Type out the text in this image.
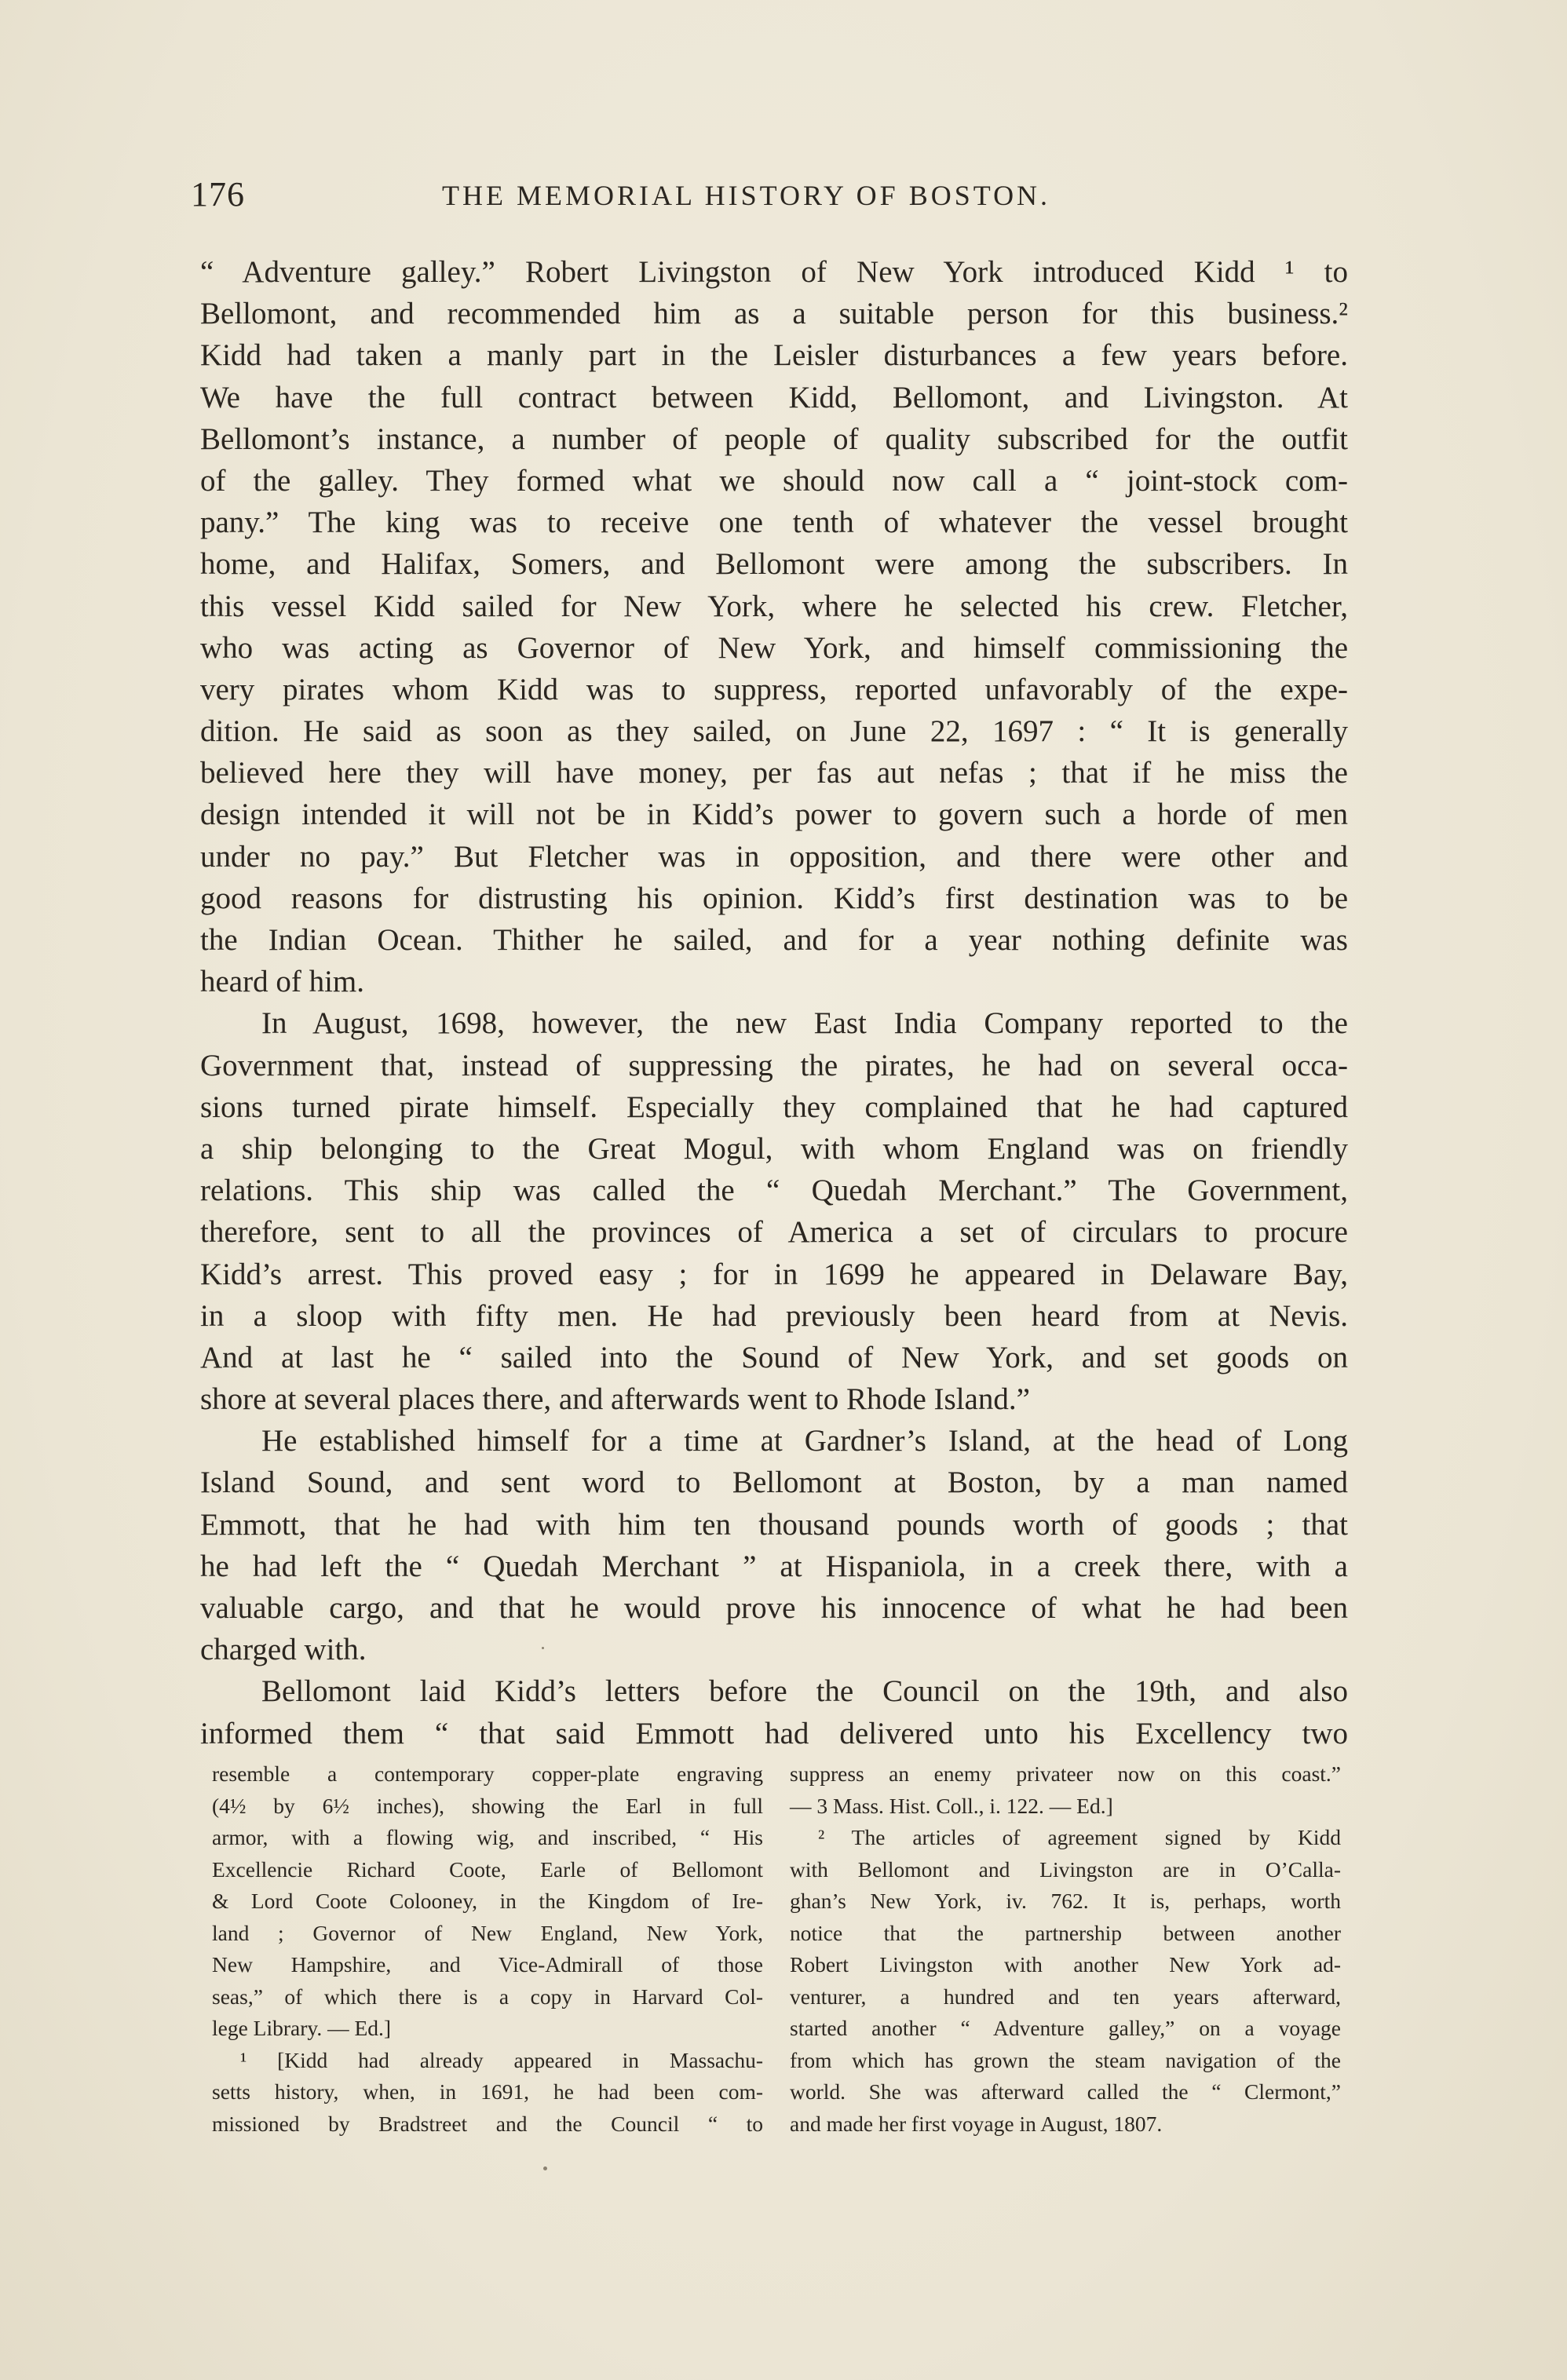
176	THE MEMORIAL HISTORY OF BOSTON.
“ Adventure galley.” Robert Livingston of New York introduced Kidd ¹ to
Bellomont, and recommended him as a suitable person for this business.²
Kidd had taken a manly part in the Leisler disturbances a few years before.
We have the full contract between Kidd, Bellomont, and Livingston. At
Bellomont’s instance, a number of people of quality subscribed for the outfit
of the galley. They formed what we should now call a “ joint-stock com-
pany.” The king was to receive one tenth of whatever the vessel brought
home, and Halifax, Somers, and Bellomont were among the subscribers. In
this vessel Kidd sailed for New York, where he selected his crew. Fletcher,
who was acting as Governor of New York, and himself commissioning the
very pirates whom Kidd was to suppress, reported unfavorably of the expe-
dition. He said as soon as they sailed, on June 22, 1697 : “ It is generally
believed here they will have money, per fas aut nefas ; that if he miss the
design intended it will not be in Kidd’s power to govern such a horde of men
under no pay.” But Fletcher was in opposition, and there were other and
good reasons for distrusting his opinion. Kidd’s first destination was to be
the Indian Ocean. Thither he sailed, and for a year nothing definite was
heard of him.
In August, 1698, however, the new East India Company reported to the
Government that, instead of suppressing the pirates, he had on several occa-
sions turned pirate himself. Especially they complained that he had captured
a ship belonging to the Great Mogul, with whom England was on friendly
relations. This ship was called the “ Quedah Merchant.” The Government,
therefore, sent to all the provinces of America a set of circulars to procure
Kidd’s arrest. This proved easy ; for in 1699 he appeared in Delaware Bay,
in a sloop with fifty men. He had previously been heard from at Nevis.
And at last he “ sailed into the Sound of New York, and set goods on
shore at several places there, and afterwards went to Rhode Island.”
He established himself for a time at Gardner’s Island, at the head of Long
Island Sound, and sent word to Bellomont at Boston, by a man named
Emmott, that he had with him ten thousand pounds worth of goods ; that
he had left the “ Quedah Merchant ” at Hispaniola, in a creek there, with a
valuable cargo, and that he would prove his innocence of what he had been
charged with.
Bellomont laid Kidd’s letters before the Council on the 19th, and also
informed them “ that said Emmott had delivered unto his Excellency two
resemble a contemporary copper-plate engraving
(4½ by 6½ inches), showing the Earl in full
armor, with a flowing wig, and inscribed, “ His
Excellencie Richard Coote, Earle of Bellomont
& Lord Coote Colooney, in the Kingdom of Ire-
land ; Governor of New England, New York,
New Hampshire, and Vice-Admirall of those
seas,” of which there is a copy in Harvard Col-
lege Library. — Ed.]
¹ [Kidd had already appeared in Massachu-
setts history, when, in 1691, he had been com-
missioned by Bradstreet and the Council “ to
suppress an enemy privateer now on this coast.”
— 3 Mass. Hist. Coll., i. 122. — Ed.]
² The articles of agreement signed by Kidd
with Bellomont and Livingston are in O’Calla-
ghan’s New York, iv. 762. It is, perhaps, worth
notice that the partnership between another
Robert Livingston with another New York ad-
venturer, a hundred and ten years afterward,
started another “ Adventure galley,” on a voyage
from which has grown the steam navigation of the
world. She was afterward called the “ Clermont,”
and made her first voyage in August, 1807.
